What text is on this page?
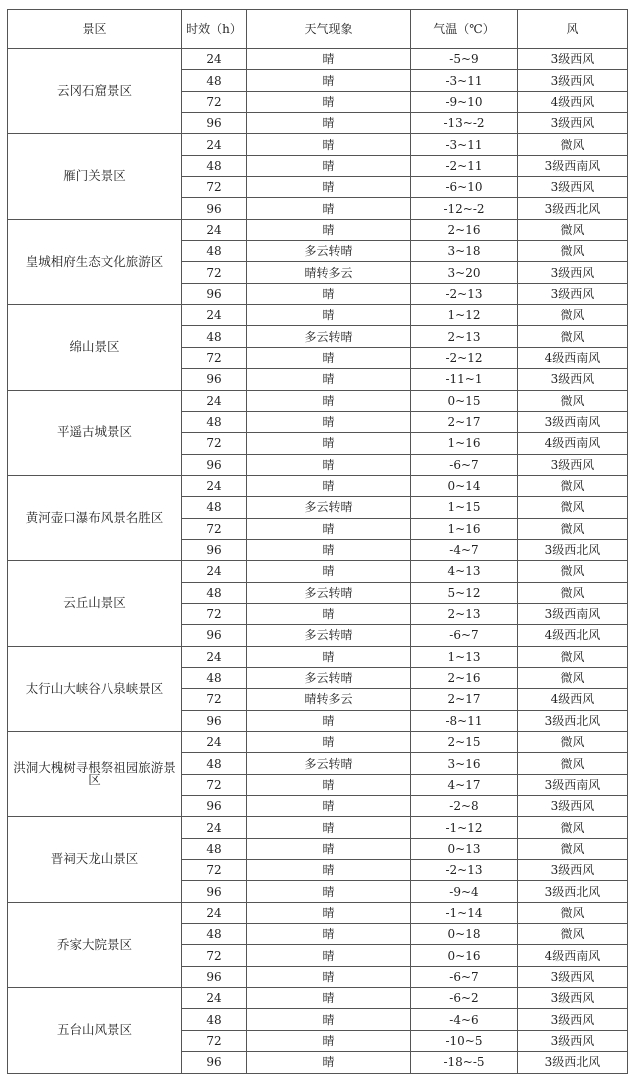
景区	时效（h）	天气现象	气温（℃）	风
云冈石窟景区	24	晴	-5~9	3级西风
	48	晴	-3~11	3级西风
	72	晴	-9~10	4级西风
	96	晴	-13~-2	3级西风
雁门关景区	24	晴	-3~11	微风
	48	晴	-2~11	3级西南风
	72	晴	-6~10	3级西风
	96	晴	-12~-2	3级西北风
皇城相府生态文化旅游区	24	晴	2~16	微风
	48	多云转晴	3~18	微风
	72	晴转多云	3~20	3级西风
	96	晴	-2~13	3级西风
绵山景区	24	晴	1~12	微风
	48	多云转晴	2~13	微风
	72	晴	-2~12	4级西南风
	96	晴	-11~1	3级西风
平遥古城景区	24	晴	0~15	微风
	48	晴	2~17	3级西南风
	72	晴	1~16	4级西南风
	96	晴	-6~7	3级西风
黄河壶口瀑布风景名胜区	24	晴	0~14	微风
	48	多云转晴	1~15	微风
	72	晴	1~16	微风
	96	晴	-4~7	3级西北风
云丘山景区	24	晴	4~13	微风
	48	多云转晴	5~12	微风
	72	晴	2~13	3级西南风
	96	多云转晴	-6~7	4级西北风
太行山大峡谷八泉峡景区	24	晴	1~13	微风
	48	多云转晴	2~16	微风
	72	晴转多云	2~17	4级西风
	96	晴	-8~11	3级西北风
洪洞大槐树寻根祭祖园旅游景区	24	晴	2~15	微风
	48	多云转晴	3~16	微风
	72	晴	4~17	3级西南风
	96	晴	-2~8	3级西风
晋祠天龙山景区	24	晴	-1~12	微风
	48	晴	0~13	微风
	72	晴	-2~13	3级西风
	96	晴	-9~4	3级西北风
乔家大院景区	24	晴	-1~14	微风
	48	晴	0~18	微风
	72	晴	0~16	4级西南风
	96	晴	-6~7	3级西风
五台山风景区	24	晴	-6~2	3级西风
	48	晴	-4~6	3级西风
	72	晴	-10~5	3级西风
	96	晴	-18~-5	3级西北风
